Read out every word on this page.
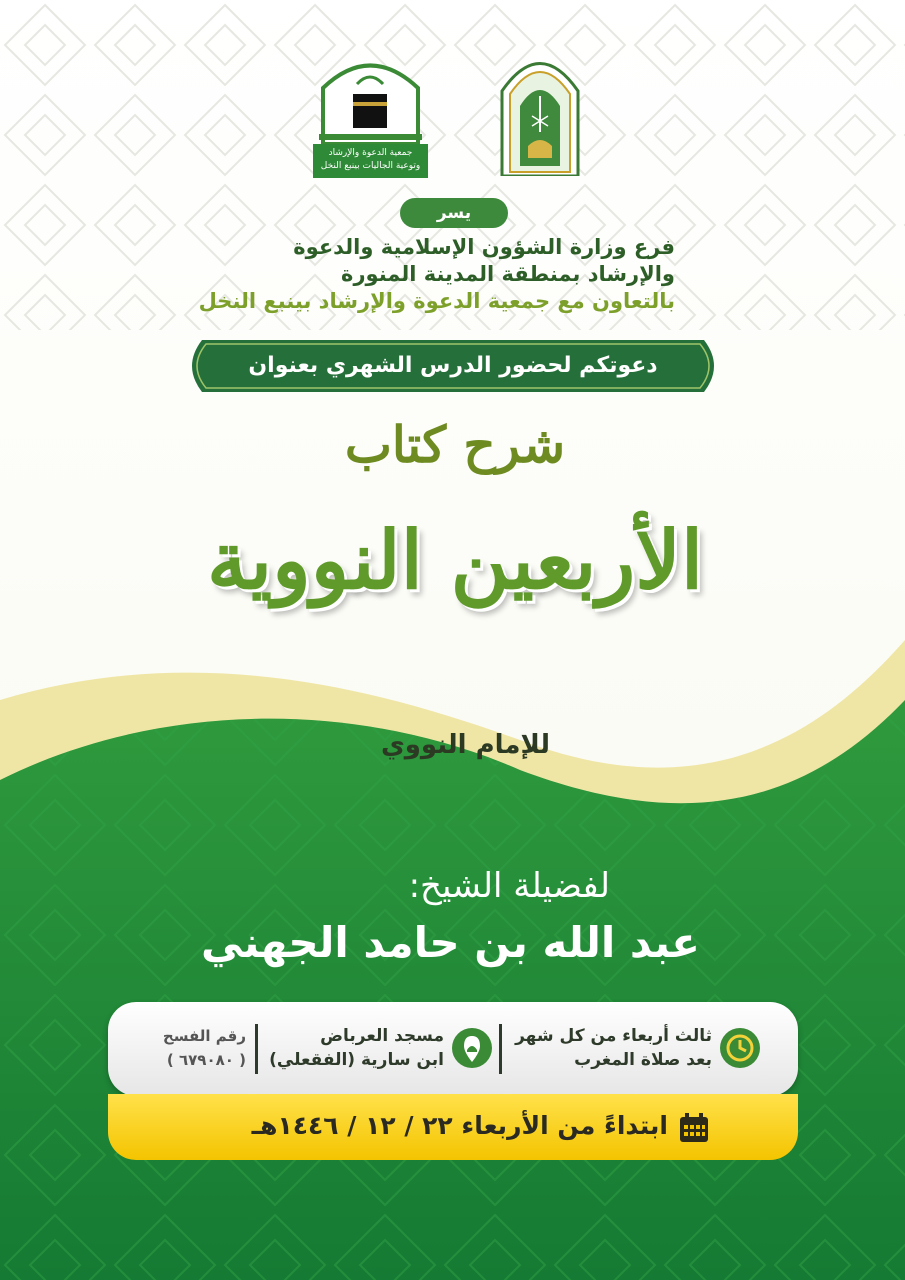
جمعية الدعوة والإرشاد
وتوعية الجاليات بينبع النخل
يسر
فرع وزارة الشؤون الإسلامية والدعوة
والإرشاد بمنطقة المدينة المنورة
بالتعاون مع جمعية الدعوة والإرشاد بينبع النخل
دعوتكم لحضور الدرس الشهري بعنوان
شرح كتاب
الأربعين النووية
للإمام النووي
لفضيلة الشيخ:
عبد الله بن حامد الجهني
ثالث أربعاء من كل شهر
بعد صلاة المغرب
مسجد العرباض
ابن سارية (الفقعلي)
رقم الفسح
( ٦٧٩٠٨٠ )
ابتداءً من الأربعاء ٢٢ / ١٢ / ١٤٤٦هـ
